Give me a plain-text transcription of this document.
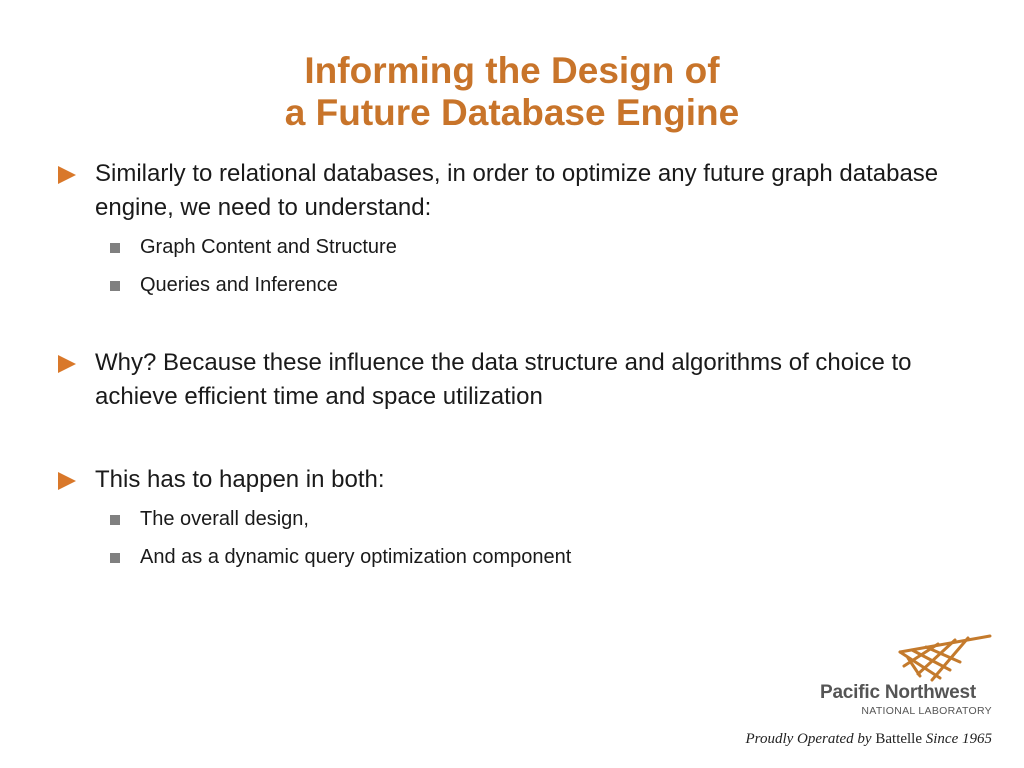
Informing the Design of
a Future Database Engine
Similarly to relational databases, in order to optimize any future graph database engine, we need to understand:
Graph Content and Structure
Queries and Inference
Why? Because these influence the data structure and algorithms of choice to achieve efficient time and space utilization
This has to happen in both:
The overall design,
And as a dynamic query optimization component
Pacific Northwest
NATIONAL LABORATORY
Proudly Operated by Battelle Since 1965
